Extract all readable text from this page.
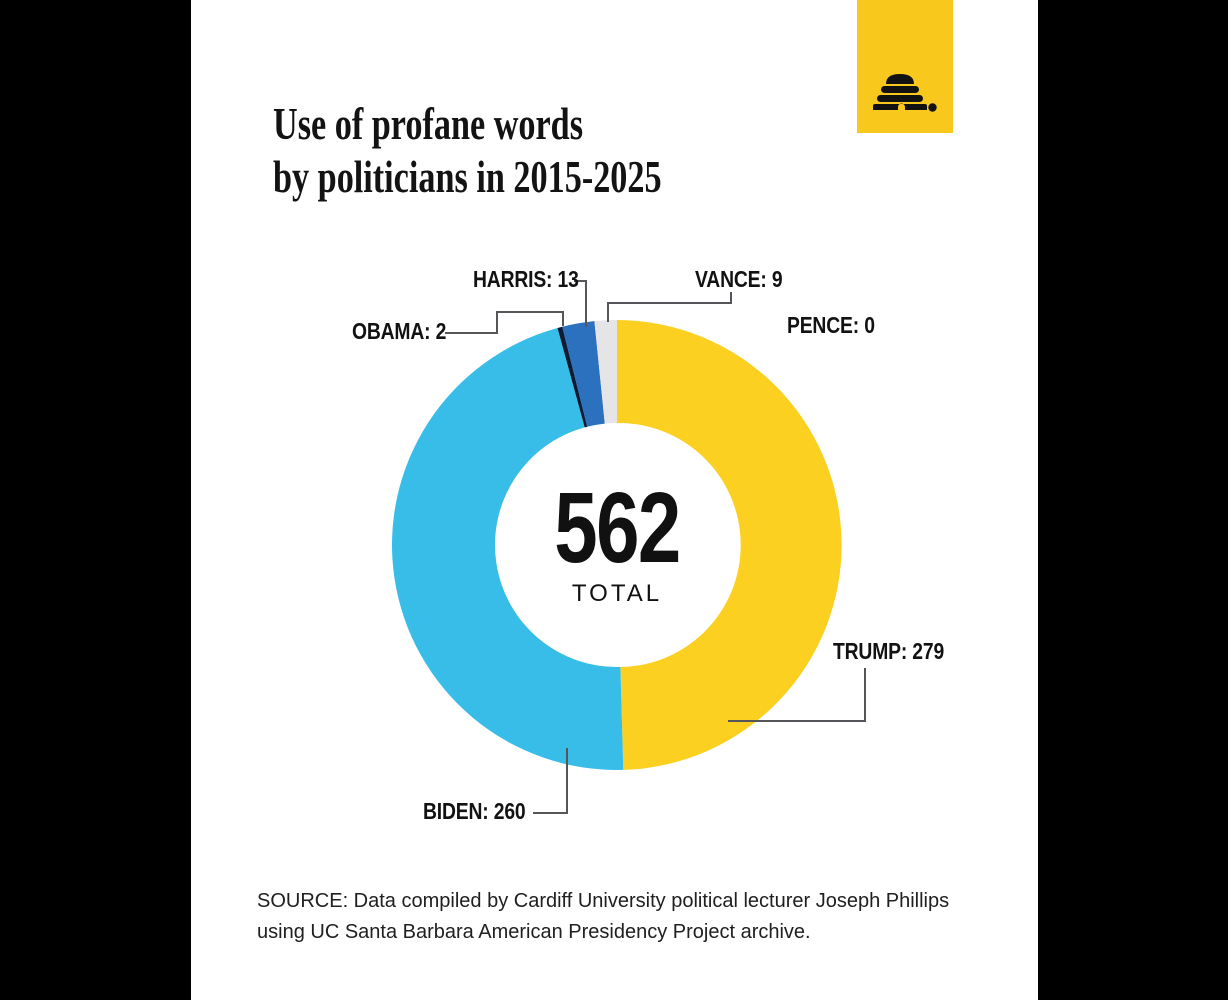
Use of profane words
by politicians in 2015-2025
OBAMA: 2
HARRIS: 13	VANCE: 9
PENCE: 0
TRUMP: 279
BIDEN: 260
562
TOTAL
SOURCE: Data compiled by Cardiff University political lecturer Joseph Phillips using UC Santa Barbara American Presidency Project archive.
